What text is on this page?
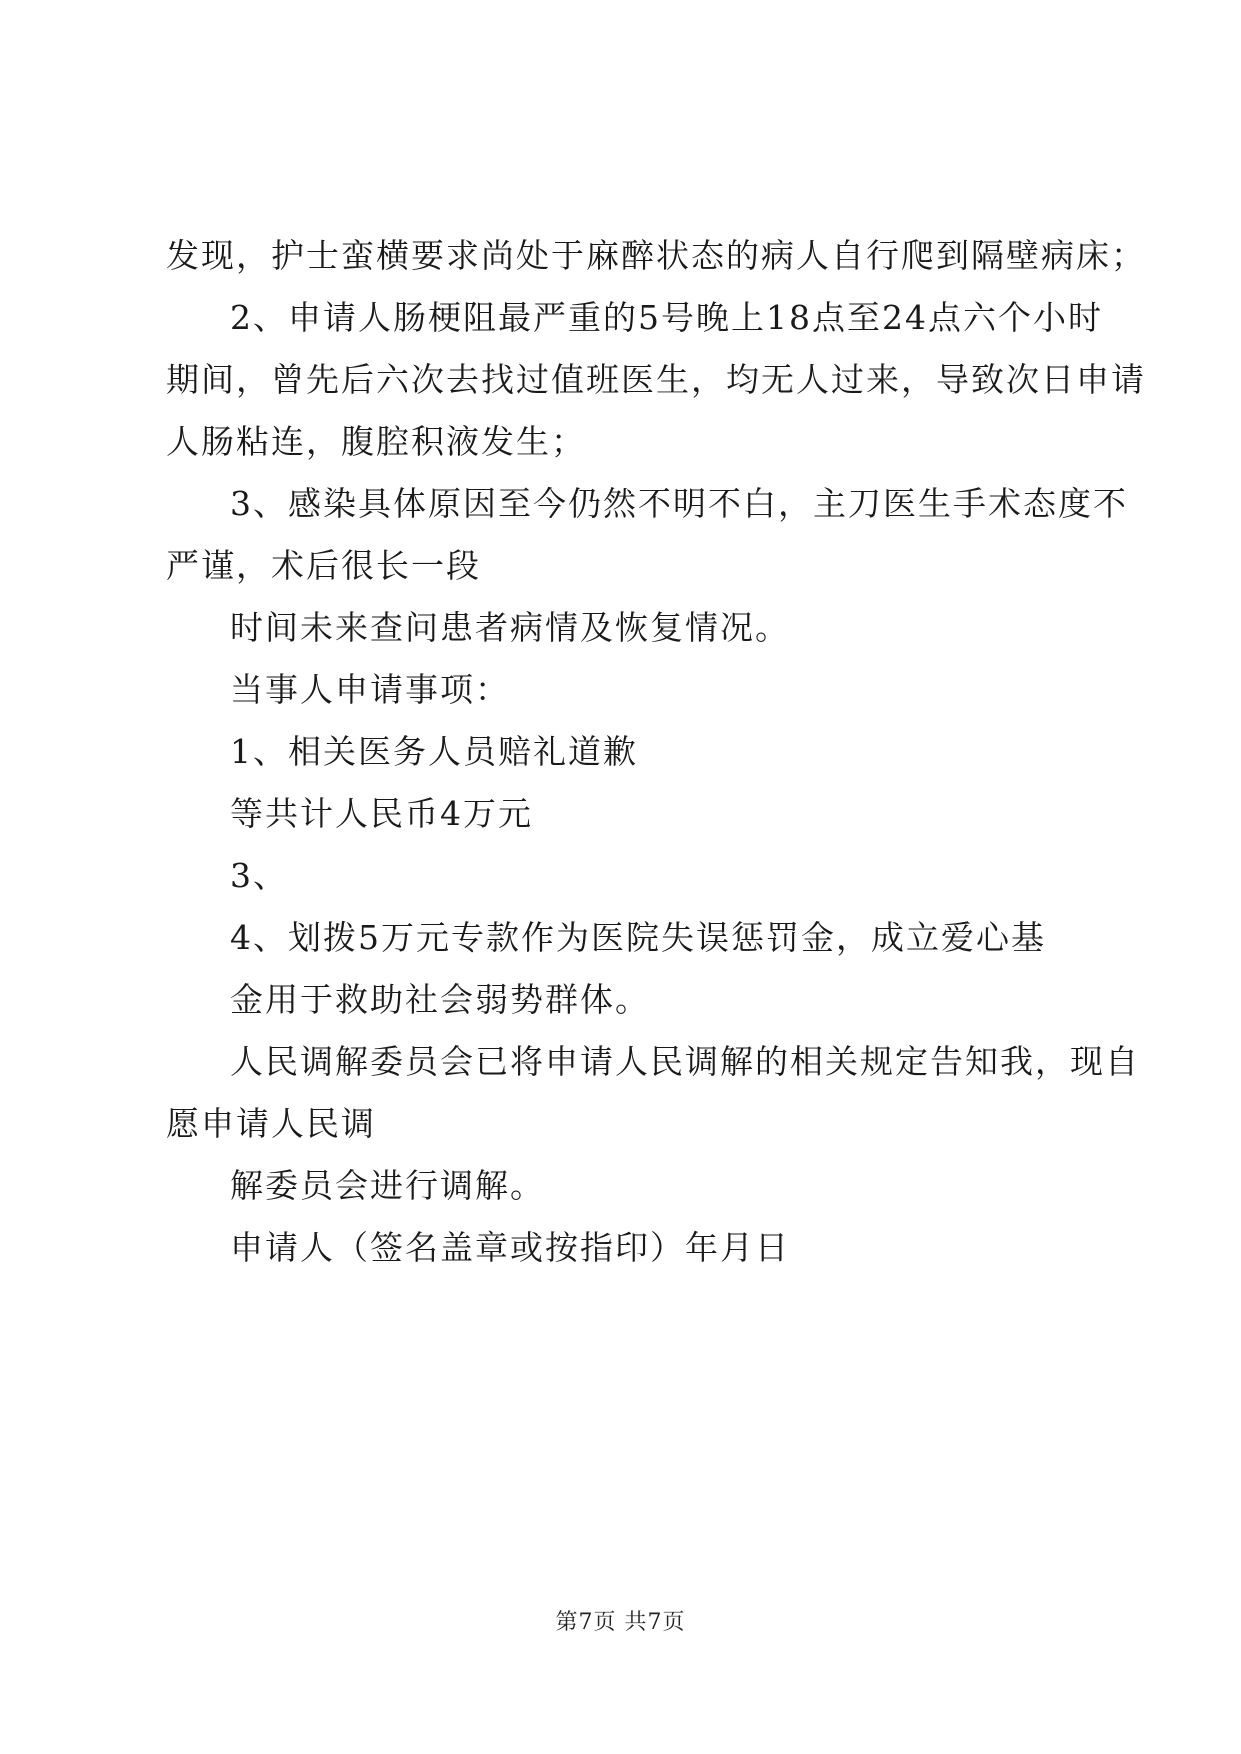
发现，护士蛮横要求尚处于麻醉状态的病人自行爬到隔壁病床；
2、申请人肠梗阻最严重的5号晚上18点至24点六个小时
期间，曾先后六次去找过值班医生，均无人过来，导致次日申请
人肠粘连，腹腔积液发生；
3、感染具体原因至今仍然不明不白，主刀医生手术态度不
严谨，术后很长一段
时间未来查问患者病情及恢复情况。
当事人申请事项：
1、相关医务人员赔礼道歉
等共计人民币4万元
3、
4、划拨5万元专款作为医院失误惩罚金，成立爱心基
金用于救助社会弱势群体。
人民调解委员会已将申请人民调解的相关规定告知我，现自
愿申请人民调
解委员会进行调解。
申请人（签名盖章或按指印）年月日
第7页 共7页
